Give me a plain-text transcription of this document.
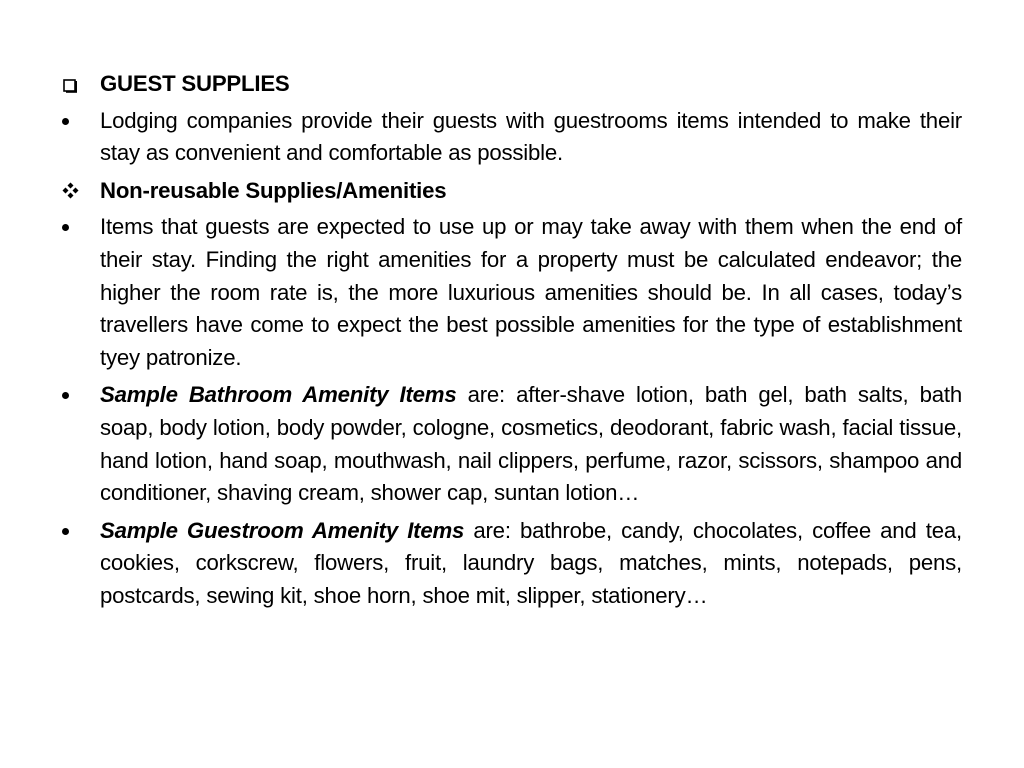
GUEST SUPPLIES
Lodging companies provide their guests with guestrooms items intended to make their stay as convenient and comfortable as possible.
Non-reusable Supplies/Amenities
Items that guests are expected to use up or may take away with them when the end of their stay. Finding the right amenities for a property must be calculated endeavor; the higher the room rate is, the more luxurious amenities should be. In all cases, today’s travellers have come to expect the best possible amenities for the type of establishment tyey patronize.
Sample Bathroom Amenity Items are: after-shave lotion, bath gel, bath salts, bath soap, body lotion, body powder, cologne, cosmetics, deodorant, fabric wash, facial tissue, hand lotion, hand soap, mouthwash, nail clippers, perfume, razor, scissors, shampoo and conditioner, shaving cream, shower cap, suntan lotion…
Sample Guestroom Amenity Items are: bathrobe, candy, chocolates, coffee and tea, cookies, corkscrew, flowers, fruit, laundry bags, matches, mints, notepads, pens, postcards, sewing kit, shoe horn, shoe mit, slipper, stationery…
